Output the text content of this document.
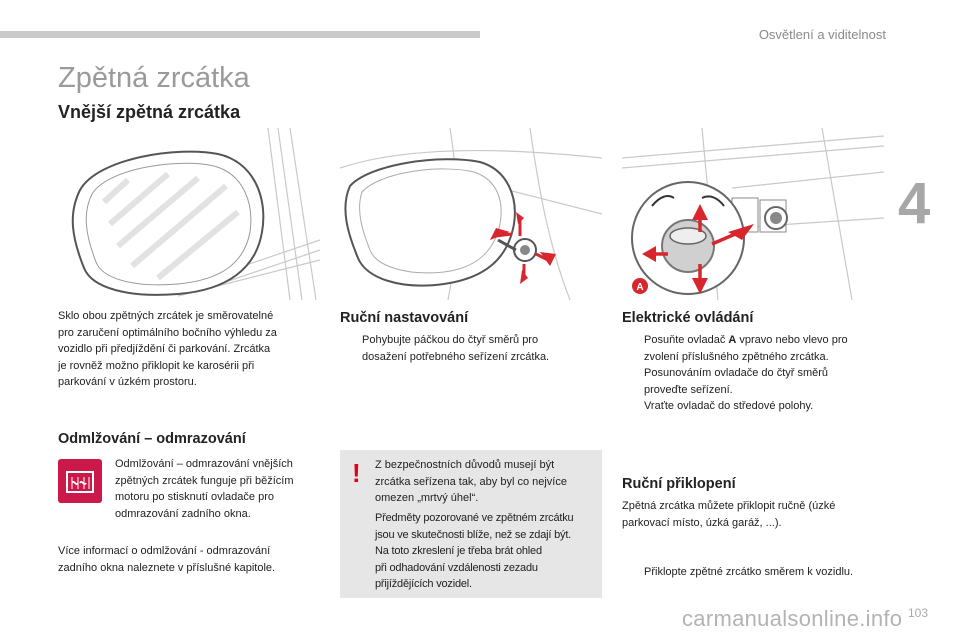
Osvětlení a viditelnost
4
Zpětná zrcátka
Vnější zpětná zrcátka
A
Sklo obou zpětných zrcátek je směrovatelné
pro zaručení optimálního bočního výhledu za
vozidlo při předjíždění či parkování. Zrcátka
je rovněž možno přiklopit ke karosérii při
parkování v úzkém prostoru.
Odmlžování – odmrazování
Odmlžování – odmrazování vnějších
zpětných zrcátek funguje při běžícím
motoru po stisknutí ovladače pro
odmrazování zadního okna.
Více informací o odmlžování - odmrazování
zadního okna naleznete v příslušné kapitole.
Ruční nastavování
Pohybujte páčkou do čtyř směrů pro
dosažení potřebného seřízení zrcátka.
! Z bezpečnostních důvodů musejí být
zrcátka seřízena tak, aby byl co nejvíce
omezen „mrtvý úhel“.
Předměty pozorované ve zpětném zrcátku
jsou ve skutečnosti blíže, než se zdají být.
Na toto zkreslení je třeba brát ohled
při odhadování vzdálenosti zezadu
přijíždějících vozidel.
Elektrické ovládání
Posuňte ovladač A vpravo nebo vlevo pro
zvolení příslušného zpětného zrcátka.
Posunováním ovladače do čtyř směrů
proveďte seřízení.
Vraťte ovladač do středové polohy.
Ruční přiklopení
Zpětná zrcátka můžete přiklopit ručně (úzké
parkovací místo, úzká garáž, ...).
Přiklopte zpětné zrcátko směrem k vozidlu.
carmanualsonline.info 103
